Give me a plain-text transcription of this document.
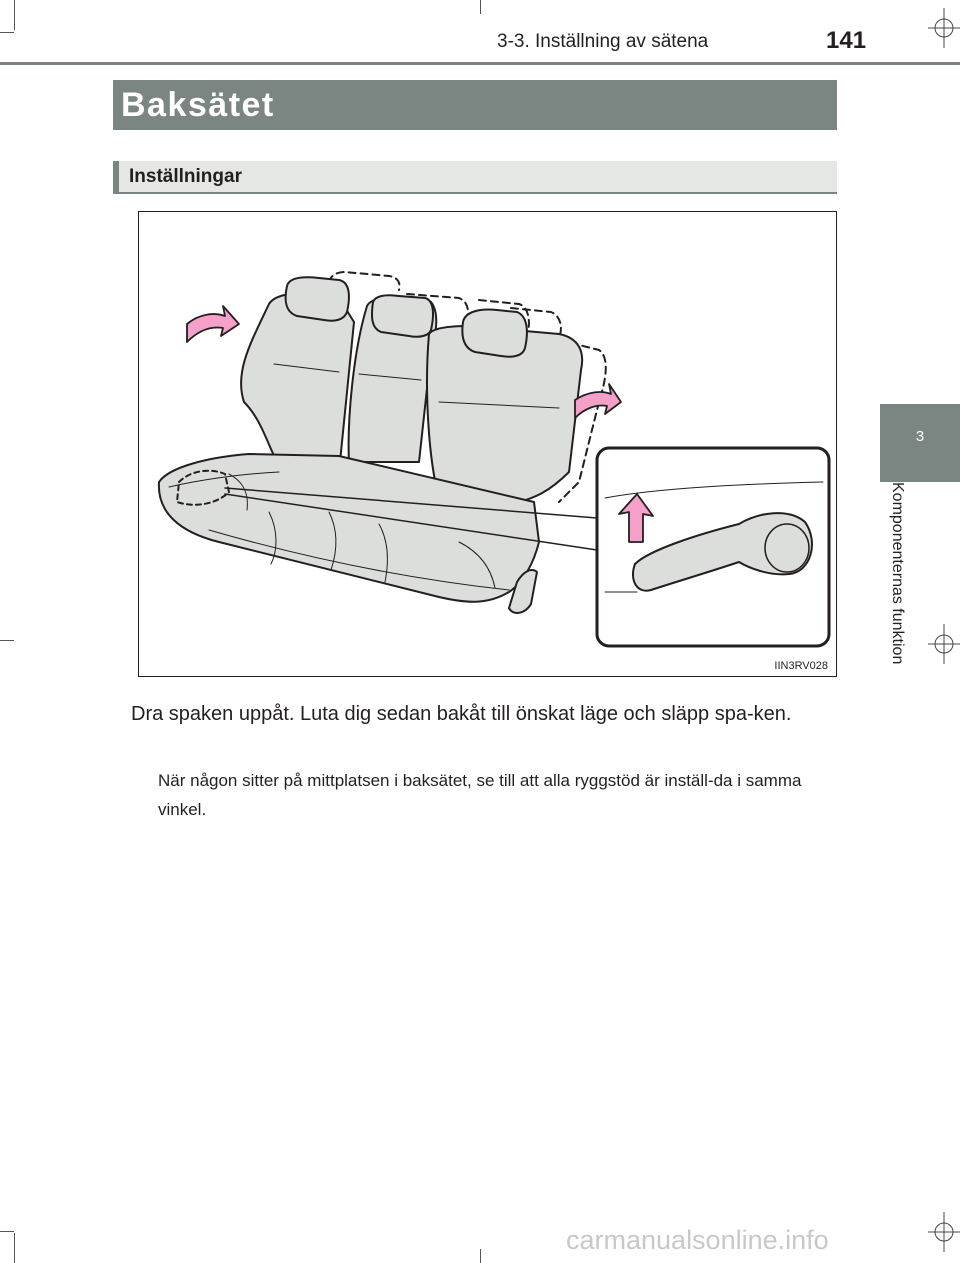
3-3. Inställning av sätena	141
Baksätet
Inställningar
IIN3RV028
Dra spaken uppåt. Luta dig sedan bakåt till önskat läge och släpp spa-ken.
När någon sitter på mittplatsen i baksätet, se till att alla ryggstöd är inställ-da i samma vinkel.
3
Komponenternas funktion
carmanualsonline.info
